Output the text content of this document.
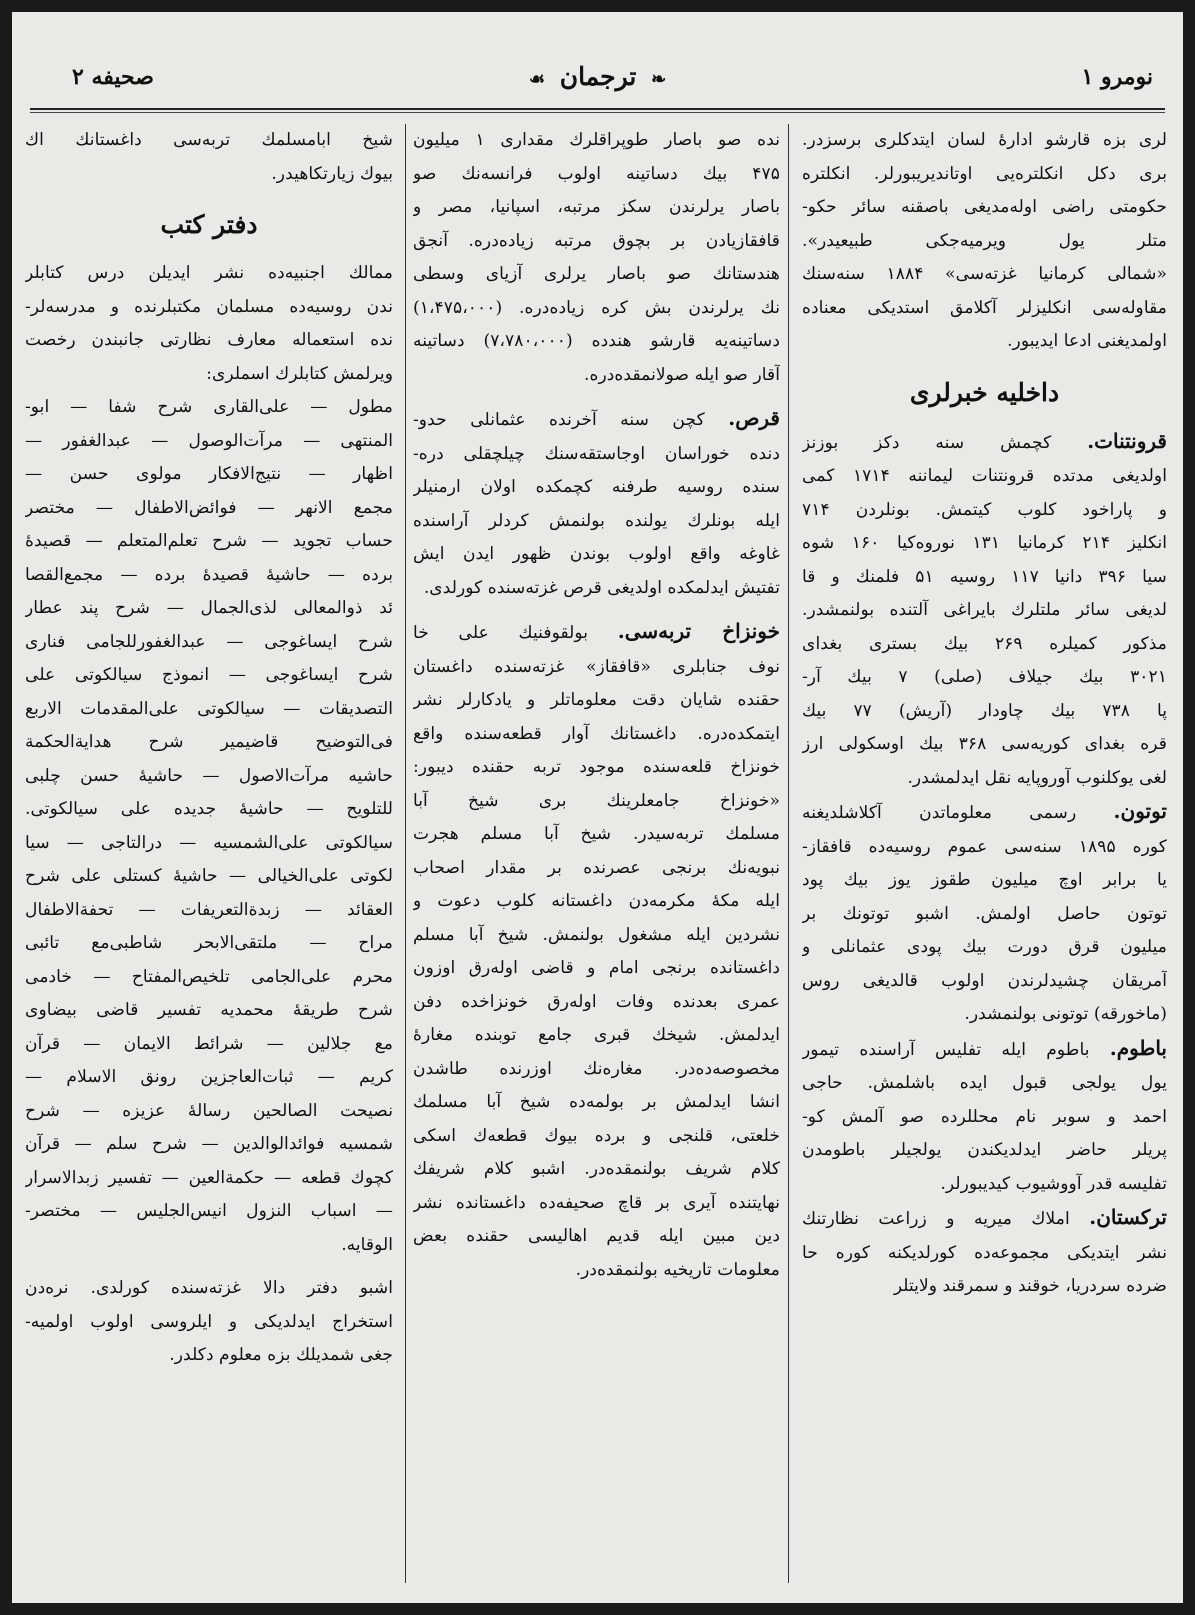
نومرو ۱
❧ ترجمان ☙
صحیفه ۲
لری بزه قارشو اداره‌ٔ لسان ایتدکلری برسزدر.
بری دکل انکلتره‌یی اوتاندیریبورلر. انکلتره
حکومتی راضی اوله‌مدیغی باصقنه سائر حکو-
متلر یول ویرمیه‌جکی طبیعیدر».
«شمالی کرمانیا غزته‌سی» ۱۸۸۴ سنه‌سنك
مقاوله‌سی انکلیزلر آکلامق استدیکی معناده
اولمدیغنی ادعا ایدیبور.
داخلیه خبرلری
قرونتنات. کچمش سنه دکز بوزنز
اولدیغی مدتده قرونتنات لیماننه ۱۷۱۴ کمی
و پاراخود کلوب کیتمش. بونلردن ۷۱۴
انکلیز ۲۱۴ کرمانیا ۱۳۱ نوروه‌کیا ۱۶۰ شوه
سیا ۳۹۶ دانیا ۱۱۷ روسیه ۵۱ فلمنك و قا
لدیغی سائر ملتلرك بایراغی آلتنده بولنمشدر.
مذکور کمیلره ۲۶۹ بیك بستری بغدای
۳۰۲۱ بیك جیلاف (صلی) ۷ بیك آر-
پا ۷۳۸ بیك چاودار (آریش) ۷۷ بیك
قره بغدای کوریه‌سی ۳۶۸ بیك اوسکولی ارز
لغی یوکلنوب آوروپایه نقل ایدلمشدر.
توتون. رسمی معلوماتدن آکلاشلدیغنه
کوره ۱۸۹۵ سنه‌سی عموم روسیه‌ده قافقاز-
یا برابر اوچ میلیون طقوز یوز بیك پود
توتون حاصل اولمش. اشبو توتونك بر
میلیون قرق دورت بیك پودی عثمانلی و
آمریقان چشیدلرندن اولوب قالدیغی روس
(ماخورقه) توتونی بولنمشدر.
باطوم. باطوم ایله تفلیس آراسنده تیمور
یول یولجی قبول ایده باشلمش. حاجی
احمد و سوبر نام محللرده صو آلمش کو-
پریلر حاضر ایدلدیکندن یولجیلر باطومدن
تفلیسه قدر آووشیوب کیدیبورلر.
ترکستان. املاك میریه و زراعت نظارتنك
نشر ایتدیکی مجموعه‌ده کورلدیکنه کوره حا
ضرده سردریا، خوقند و سمرقند ولایتلر
نده صو باصار طوپراقلرك مقداری ۱ میلیون
۴۷۵ بیك دساتینه اولوب فرانسه‌نك صو
باصار یرلرندن سکز مرتبه، اسپانیا، مصر و
قافقازیادن بر بچوق مرتبه زیاده‌دره. آنجق
هندستانك صو باصار یرلری آزیای وسطی
نك یرلرندن بش کره زیاده‌دره. (۱،۴۷۵،۰۰۰)
دساتینه‌یه قارشو هندده (۷،۷۸۰،۰۰۰) دساتینه
آقار صو ایله صولانمقده‌دره.
قرص. کچن سنه آخرنده عثمانلی حدو-
دنده خوراسان اوجاستقه‌سنك چیلچقلی دره-
سنده روسیه طرفنه کچمکده اولان ارمنیلر
ایله بونلرك یولنده بولنمش کردلر آراسنده
غاوغه واقع اولوب بوندن ظهور ایدن ایش
تفتیش ایدلمکده اولدیغی قرص غزته‌سنده کورلدی.
خونزاخ تربه‌سی. بولقوفنیك علی خا
نوف جنابلری «قافقاز» غزته‌سنده داغستان
حقنده شایان دقت معلوماتلر و یادکارلر نشر
ایتمکده‌دره. داغستانك آوار قطعه‌سنده واقع
خونزاخ قلعه‌سنده موجود تربه حقنده دیبور:
«خونزاخ جامعلرینك بری شیخ آبا
مسلمك تربه‌سیدر. شیخ آبا مسلم هجرت
نبویه‌نك برنجی عصرنده بر مقدار اصحاب
ایله مکهٔ مکرمه‌دن داغستانه کلوب دعوت و
نشردین ایله مشغول بولنمش. شیخ آبا مسلم
داغستانده برنجی امام و قاضی اوله‌رق اوزون
عمری بعدنده وفات اوله‌رق خونزاخده دفن
ایدلمش. شیخك قبری جامع توبنده مغارهٔ
مخصوصه‌ده‌در. مغاره‌نك اوزرنده طاشدن
انشا ایدلمش بر بولمه‌ده شیخ آبا مسلمك
خلعتی، قلنجی و برده بیوك قطعه‌ك اسکی
کلام شریف بولنمقده‌در. اشبو کلام شریفك
نهایتنده آیری بر قاچ صحیفه‌ده داغستانده نشر
دین مبین ایله قدیم اهالیسی حقنده بعض
معلومات تاریخیه بولنمقده‌در.
شیخ ابامسلمك تربه‌سی داغستانك اك
بیوك زیارتکاهیدر.
دفتر کتب
ممالك اجنبیه‌ده نشر ایدیلن درس کتابلر
ندن روسیه‌ده مسلمان مکتبلرنده و مدرسه‌لر-
نده استعماله معارف نظارتی جانبندن رخصت
ویرلمش کتابلرك اسملری:
مطول — علی‌القاری شرح شفا — ابو-
المنتهی — مرآت‌الوصول — عبدالغفور —
اظهار — نتیج‌الافکار مولوی حسن —
مجمع الانهر — فوائض‌الاطفال — مختصر
حساب تجوید — شرح تعلم‌المتعلم — قصیدهٔ
برده — حاشیهٔ قصیدهٔ برده — مجمع‌القصا
ئد ذوالمعالی لذی‌الجمال — شرح پند عطار
شرح ایساغوجی — عبدالغفورللجامی فناری
شرح ایساغوجی — انموذج سیالکوتی علی
التصدیقات — سیالکوتی علی‌المقدمات الاربع
فی‌التوضیح قاضیمیر شرح هدایةالحکمة
حاشیه مرآت‌الاصول — حاشیهٔ حسن چلبی
للتلویح — حاشیهٔ جدیده علی سیالکوتی.
سیالکوتی علی‌الشمسیه — درالتاجی — سیا
لکوتی علی‌الخیالی — حاشیهٔ کستلی علی شرح
العقائد — زبدةالتعریفات — تحفةالاطفال
مراح — ملتقی‌الابحر شاطبی‌مع تائبی
محرم علی‌الجامی تلخیص‌المفتاح — خادمی
شرح طریقهٔ محمدیه تفسیر قاضی بیضاوی
مع جلالین — شرائط الایمان — قرآن
کریم — ثبات‌العاجزین رونق الاسلام —
نصیحت الصالحین رسالهٔ عزیزه — شرح
شمسیه فوائدالوالدین — شرح سلم — قرآن
کچوك قطعه — حکمةالعین — تفسیر زبدالاسرار
— اسباب النزول انیس‌الجلیس — مختصر-
الوقایه.
اشبو دفتر دالا غزته‌سنده کورلدی. نره‌دن
استخراج ایدلدیکی و ایلروسی اولوب اولمیه-
جغی شمدیلك بزه معلوم دکلدر.
